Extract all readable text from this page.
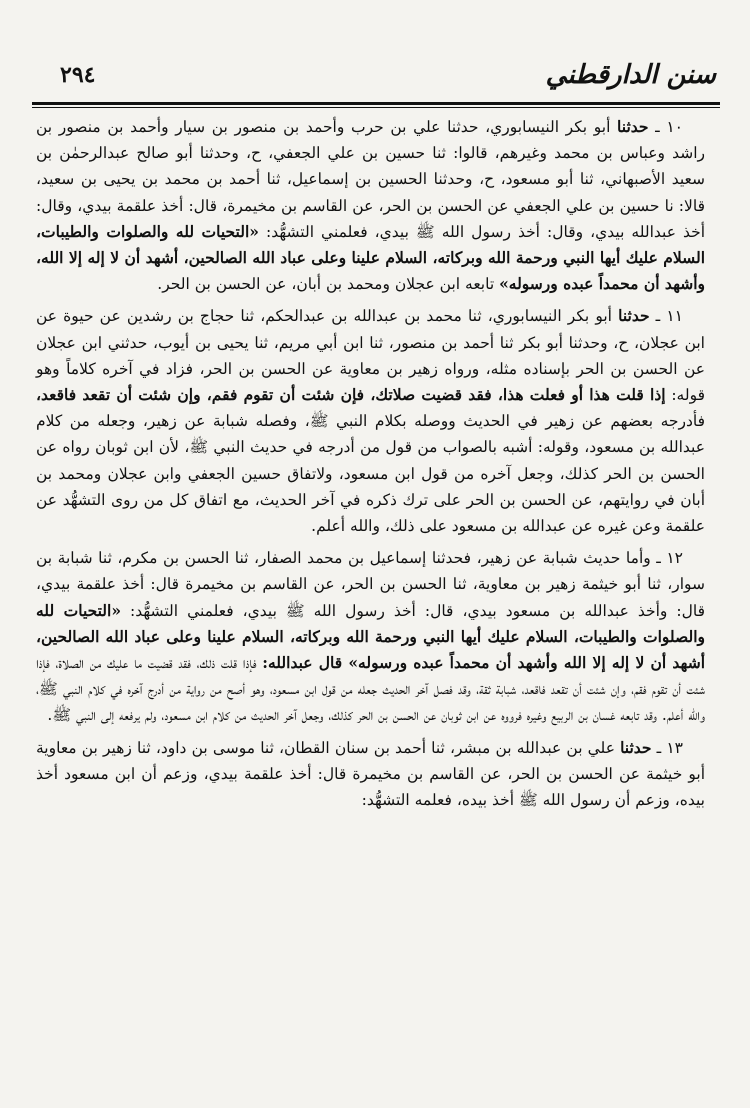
٢٩٤	سنن الدارقطني

١٠ ـ حدثنا أبو بكر النيسابوري، حدثنا علي بن حرب وأحمد بن منصور بن سيار وأحمد بن منصور بن راشد وعباس بن محمد وغيرهم، قالوا: ثنا حسين بن علي الجعفي، ح، وحدثنا أبو صالح عبدالرحمٰن بن سعيد الأصبهاني، ثنا أبو مسعود، ح، وحدثنا الحسين بن إسماعيل، ثنا أحمد بن محمد بن يحيى بن سعيد، قالا: نا حسين بن علي الجعفي عن الحسن بن الحر، عن القاسم بن مخيمرة، قال: أخذ علقمة بيدي، وقال: أخذ عبدالله بيدي، وقال: أخذ رسول الله ﷺ بيدي، فعلمني التشهُّد: «التحيات لله والصلوات والطيبات، السلام عليك أيها النبي ورحمة الله وبركاته، السلام علينا وعلى عباد الله الصالحين، أشهد أن لا إله إلا الله، وأشهد أن محمداً عبده ورسوله» تابعه ابن عجلان ومحمد بن أبان، عن الحسن بن الحر.

١١ ـ حدثنا أبو بكر النيسابوري، ثنا محمد بن عبدالله بن عبدالحكم، ثنا حجاج بن رشدين عن حيوة عن ابن عجلان، ح، وحدثنا أبو بكر ثنا أحمد بن منصور، ثنا ابن أبي مريم، ثنا يحيى بن أيوب، حدثني ابن عجلان عن الحسن بن الحر بإسناده مثله، ورواه زهير بن معاوية عن الحسن بن الحر، فزاد في آخره كلاماً وهو قوله: إذا قلت هذا أو فعلت هذا، فقد قضيت صلاتك، فإن شئت أن تقوم فقم، وإن شئت أن تقعد فاقعد، فأدرجه بعضهم عن زهير في الحديث ووصله بكلام النبي ﷺ، وفصله شبابة عن زهير، وجعله من كلام عبدالله بن مسعود، وقوله: أشبه بالصواب من قول من أدرجه في حديث النبي ﷺ، لأن ابن ثوبان رواه عن الحسن بن الحر كذلك، وجعل آخره من قول ابن مسعود، ولاتفاق حسين الجعفي وابن عجلان ومحمد بن أبان في روايتهم، عن الحسن بن الحر على ترك ذكره في آخر الحديث، مع اتفاق كل من روى التشهُّد عن علقمة وعن غيره عن عبدالله بن مسعود على ذلك، والله أعلم.

١٢ ـ وأما حديث شبابة عن زهير، فحدثنا إسماعيل بن محمد الصفار، ثنا الحسن بن مكرم، ثنا شبابة بن سوار، ثنا أبو خيثمة زهير بن معاوية، ثنا الحسن بن الحر، عن القاسم بن مخيمرة قال: أخذ علقمة بيدي، قال: وأخذ عبدالله بن مسعود بيدي، قال: أخذ رسول الله ﷺ بيدي، فعلمني التشهُّد: «التحيات لله والصلوات والطيبات، السلام عليك أيها النبي ورحمة الله وبركاته، السلام علينا وعلى عباد الله الصالحين، أشهد أن لا إله إلا الله وأشهد أن محمداً عبده ورسوله» قال عبدالله: فإذا قلت ذلك، فقد قضيت ما عليك من الصلاة، فإذا شئت أن تقوم فقم، وإن شئت أن تقعد فاقعد، شبابة ثقة، وقد فصل آخر الحديث جعله من قول ابن مسعود، وهو أصح من رواية من أدرج آخره في كلام النبي ﷺ، والله أعلم. وقد تابعه غسان بن الربيع وغيره فرووه عن ابن ثوبان عن الحسن بن الحر كذلك، وجعل آخر الحديث من كلام ابن مسعود، ولم يرفعه إلى النبي ﷺ.

١٣ ـ حدثنا علي بن عبدالله بن مبشر، ثنا أحمد بن سنان القطان، ثنا موسى بن داود، ثنا زهير بن معاوية أبو خيثمة عن الحسن بن الحر، عن القاسم بن مخيمرة قال: أخذ علقمة بيدي، وزعم أن ابن مسعود أخذ بيده، وزعم أن رسول الله ﷺ أخذ بيده، فعلمه التشهُّد:
